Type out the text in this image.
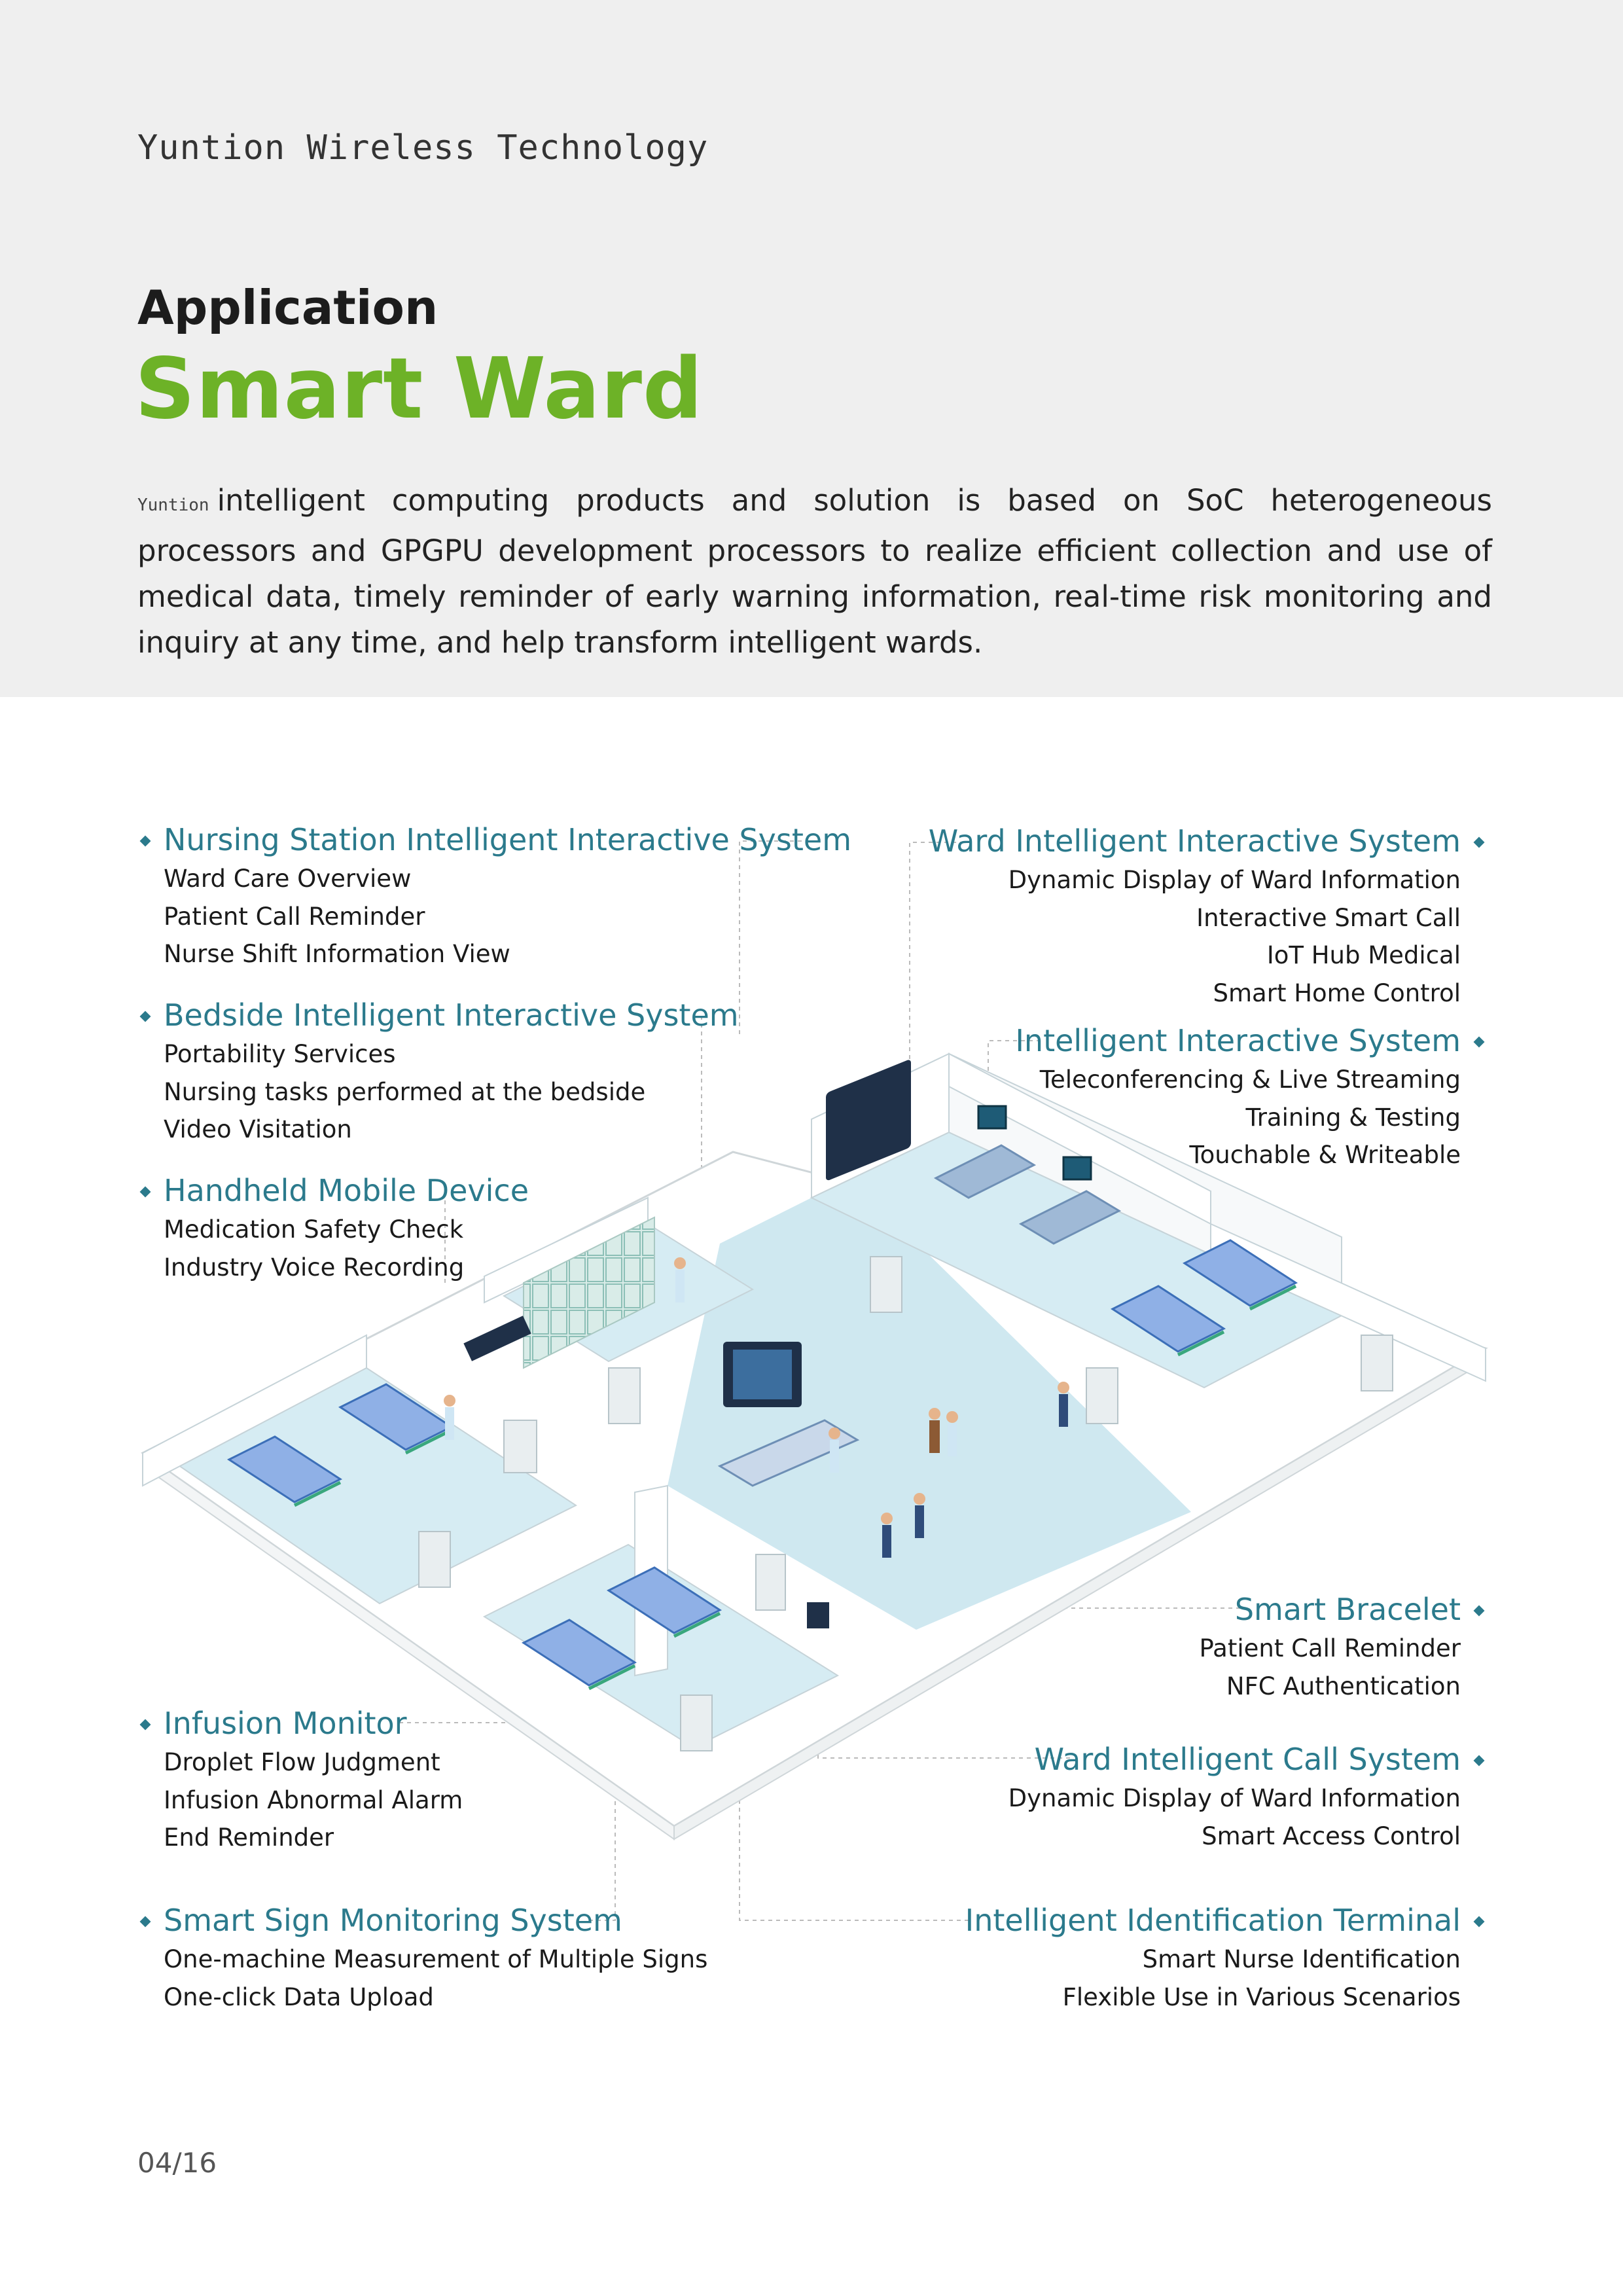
Yuntion Wireless Technology
Application
Smart Ward
Yuntion intelligent computing products and solution is based on SoC heterogeneous processors and GPGPU development processors to realize efficient collection and use of medical data, timely reminder of early warning information, real-time risk monitoring and inquiry at any time, and help transform intelligent wards.
Nursing Station Intelligent Interactive System
Ward Care Overview
Patient Call Reminder
Nurse Shift Information View
Bedside Intelligent Interactive System
Portability Services
Nursing tasks performed at the bedside
Video Visitation
Handheld Mobile Device
Medication Safety Check
Industry Voice Recording
Infusion Monitor
Droplet Flow Judgment
Infusion Abnormal Alarm
End Reminder
Smart Sign Monitoring System
One-machine Measurement of Multiple Signs
One-click Data Upload
Ward Intelligent Interactive System
Dynamic Display of Ward Information
Interactive Smart Call
IoT Hub Medical
Smart Home Control
Intelligent Interactive System
Teleconferencing & Live Streaming
Training & Testing
Touchable & Writeable
Smart Bracelet
Patient Call Reminder
NFC Authentication
Ward Intelligent Call System
Dynamic Display of Ward Information
Smart Access Control
Intelligent Identification Terminal
Smart Nurse Identification
Flexible Use in Various Scenarios
04/16
